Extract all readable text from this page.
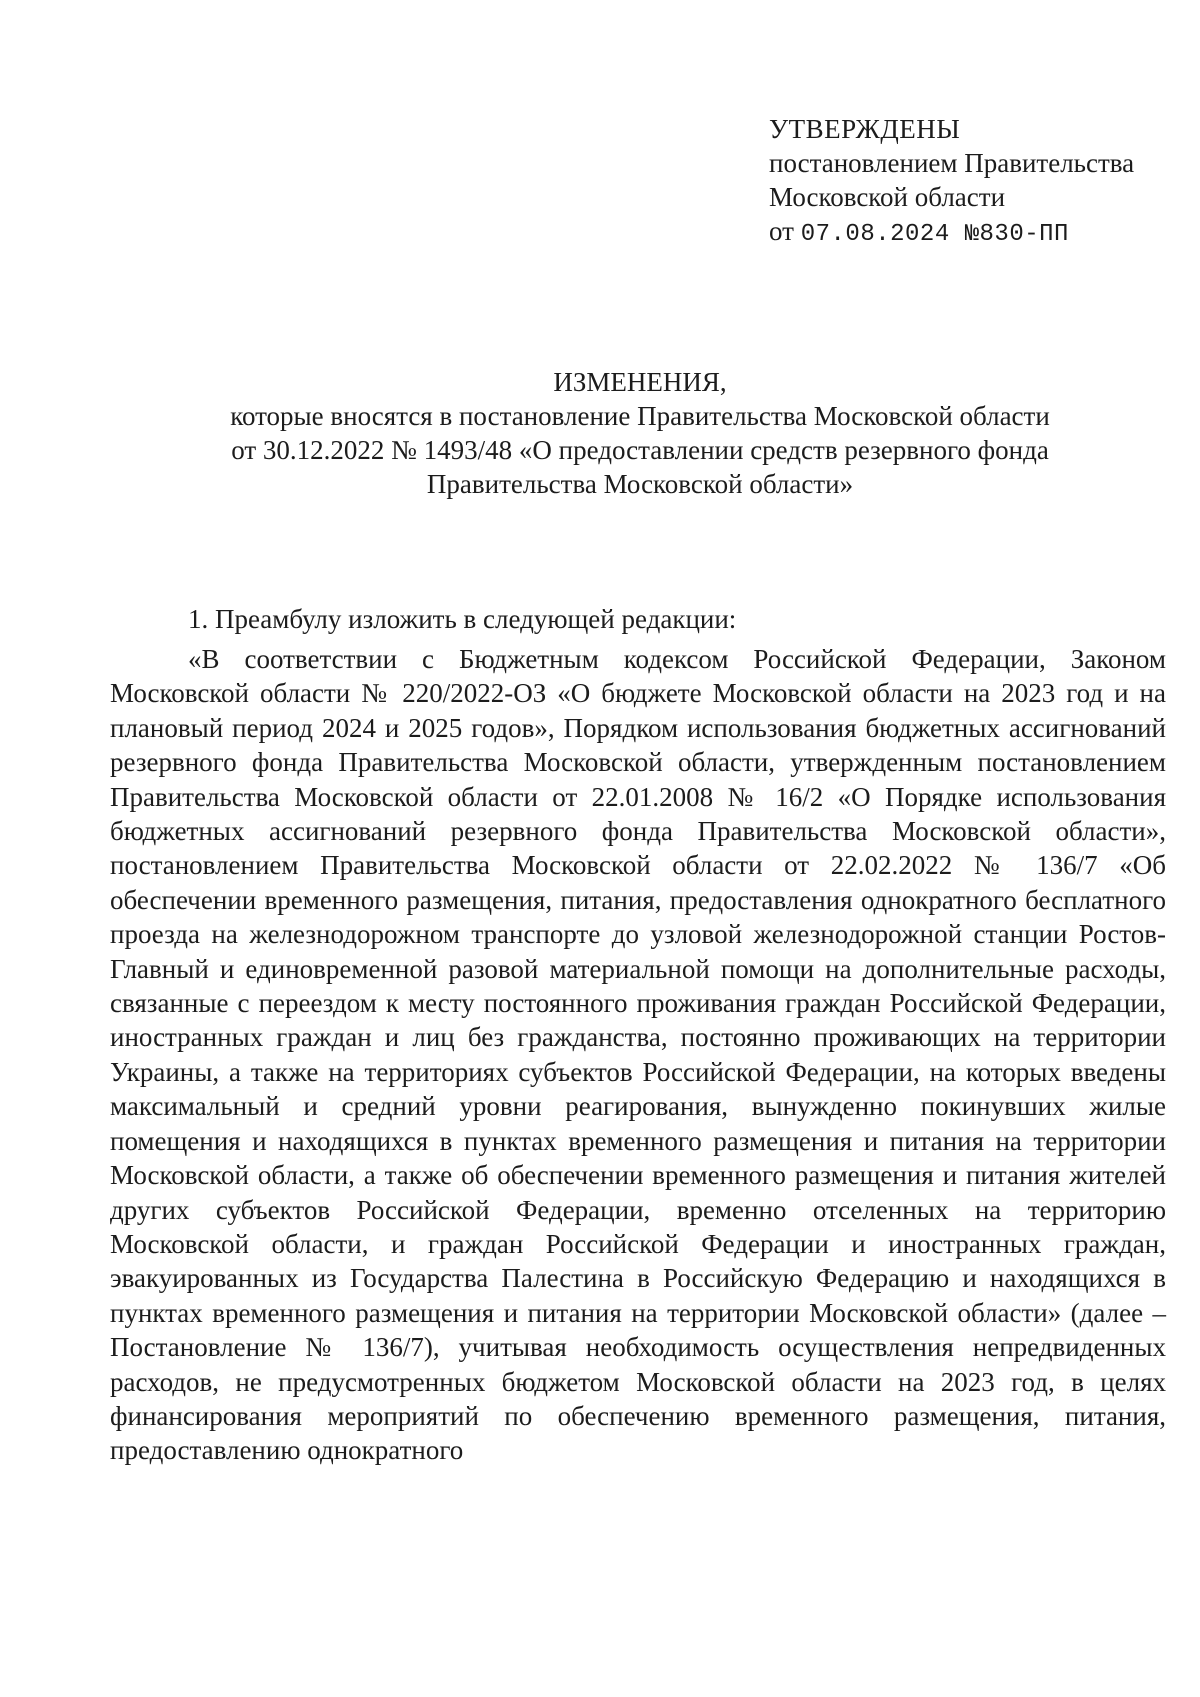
УТВЕРЖДЕНЫ
постановлением Правительства
Московской области
от 07.08.2024 №830-ПП
ИЗМЕНЕНИЯ,
которые вносятся в постановление Правительства Московской области
от 30.12.2022 № 1493/48 «О предоставлении средств резервного фонда
Правительства Московской области»
1. Преамбулу изложить в следующей редакции:
«В соответствии с Бюджетным кодексом Российской Федерации, Законом Московской области № 220/2022-ОЗ «О бюджете Московской области на 2023 год и на плановый период 2024 и 2025 годов», Порядком использования бюджетных ассигнований резервного фонда Правительства Московской области, утвержденным постановлением Правительства Московской области от 22.01.2008 № 16/2 «О Порядке использования бюджетных ассигнований резервного фонда Правительства Московской области», постановлением Правительства Московской области от 22.02.2022 № 136/7 «Об обеспечении временного размещения, питания, предоставления однократного бесплатного проезда на железнодорожном транспорте до узловой железнодорожной станции Ростов-Главный и единовременной разовой материальной помощи на дополнительные расходы, связанные с переездом к месту постоянного проживания граждан Российской Федерации, иностранных граждан и лиц без гражданства, постоянно проживающих на территории Украины, а также на территориях субъектов Российской Федерации, на которых введены максимальный и средний уровни реагирования, вынужденно покинувших жилые помещения и находящихся в пунктах временного размещения и питания на территории Московской области, а также об обеспечении временного размещения и питания жителей других субъектов Российской Федерации, временно отселенных на территорию Московской области, и граждан Российской Федерации и иностранных граждан, эвакуированных из Государства Палестина в Российскую Федерацию и находящихся в пунктах временного размещения и питания на территории Московской области» (далее – Постановление № 136/7), учитывая необходимость осуществления непредвиденных расходов, не предусмотренных бюджетом Московской области на 2023 год, в целях финансирования мероприятий по обеспечению временного размещения, питания, предоставлению однократного
